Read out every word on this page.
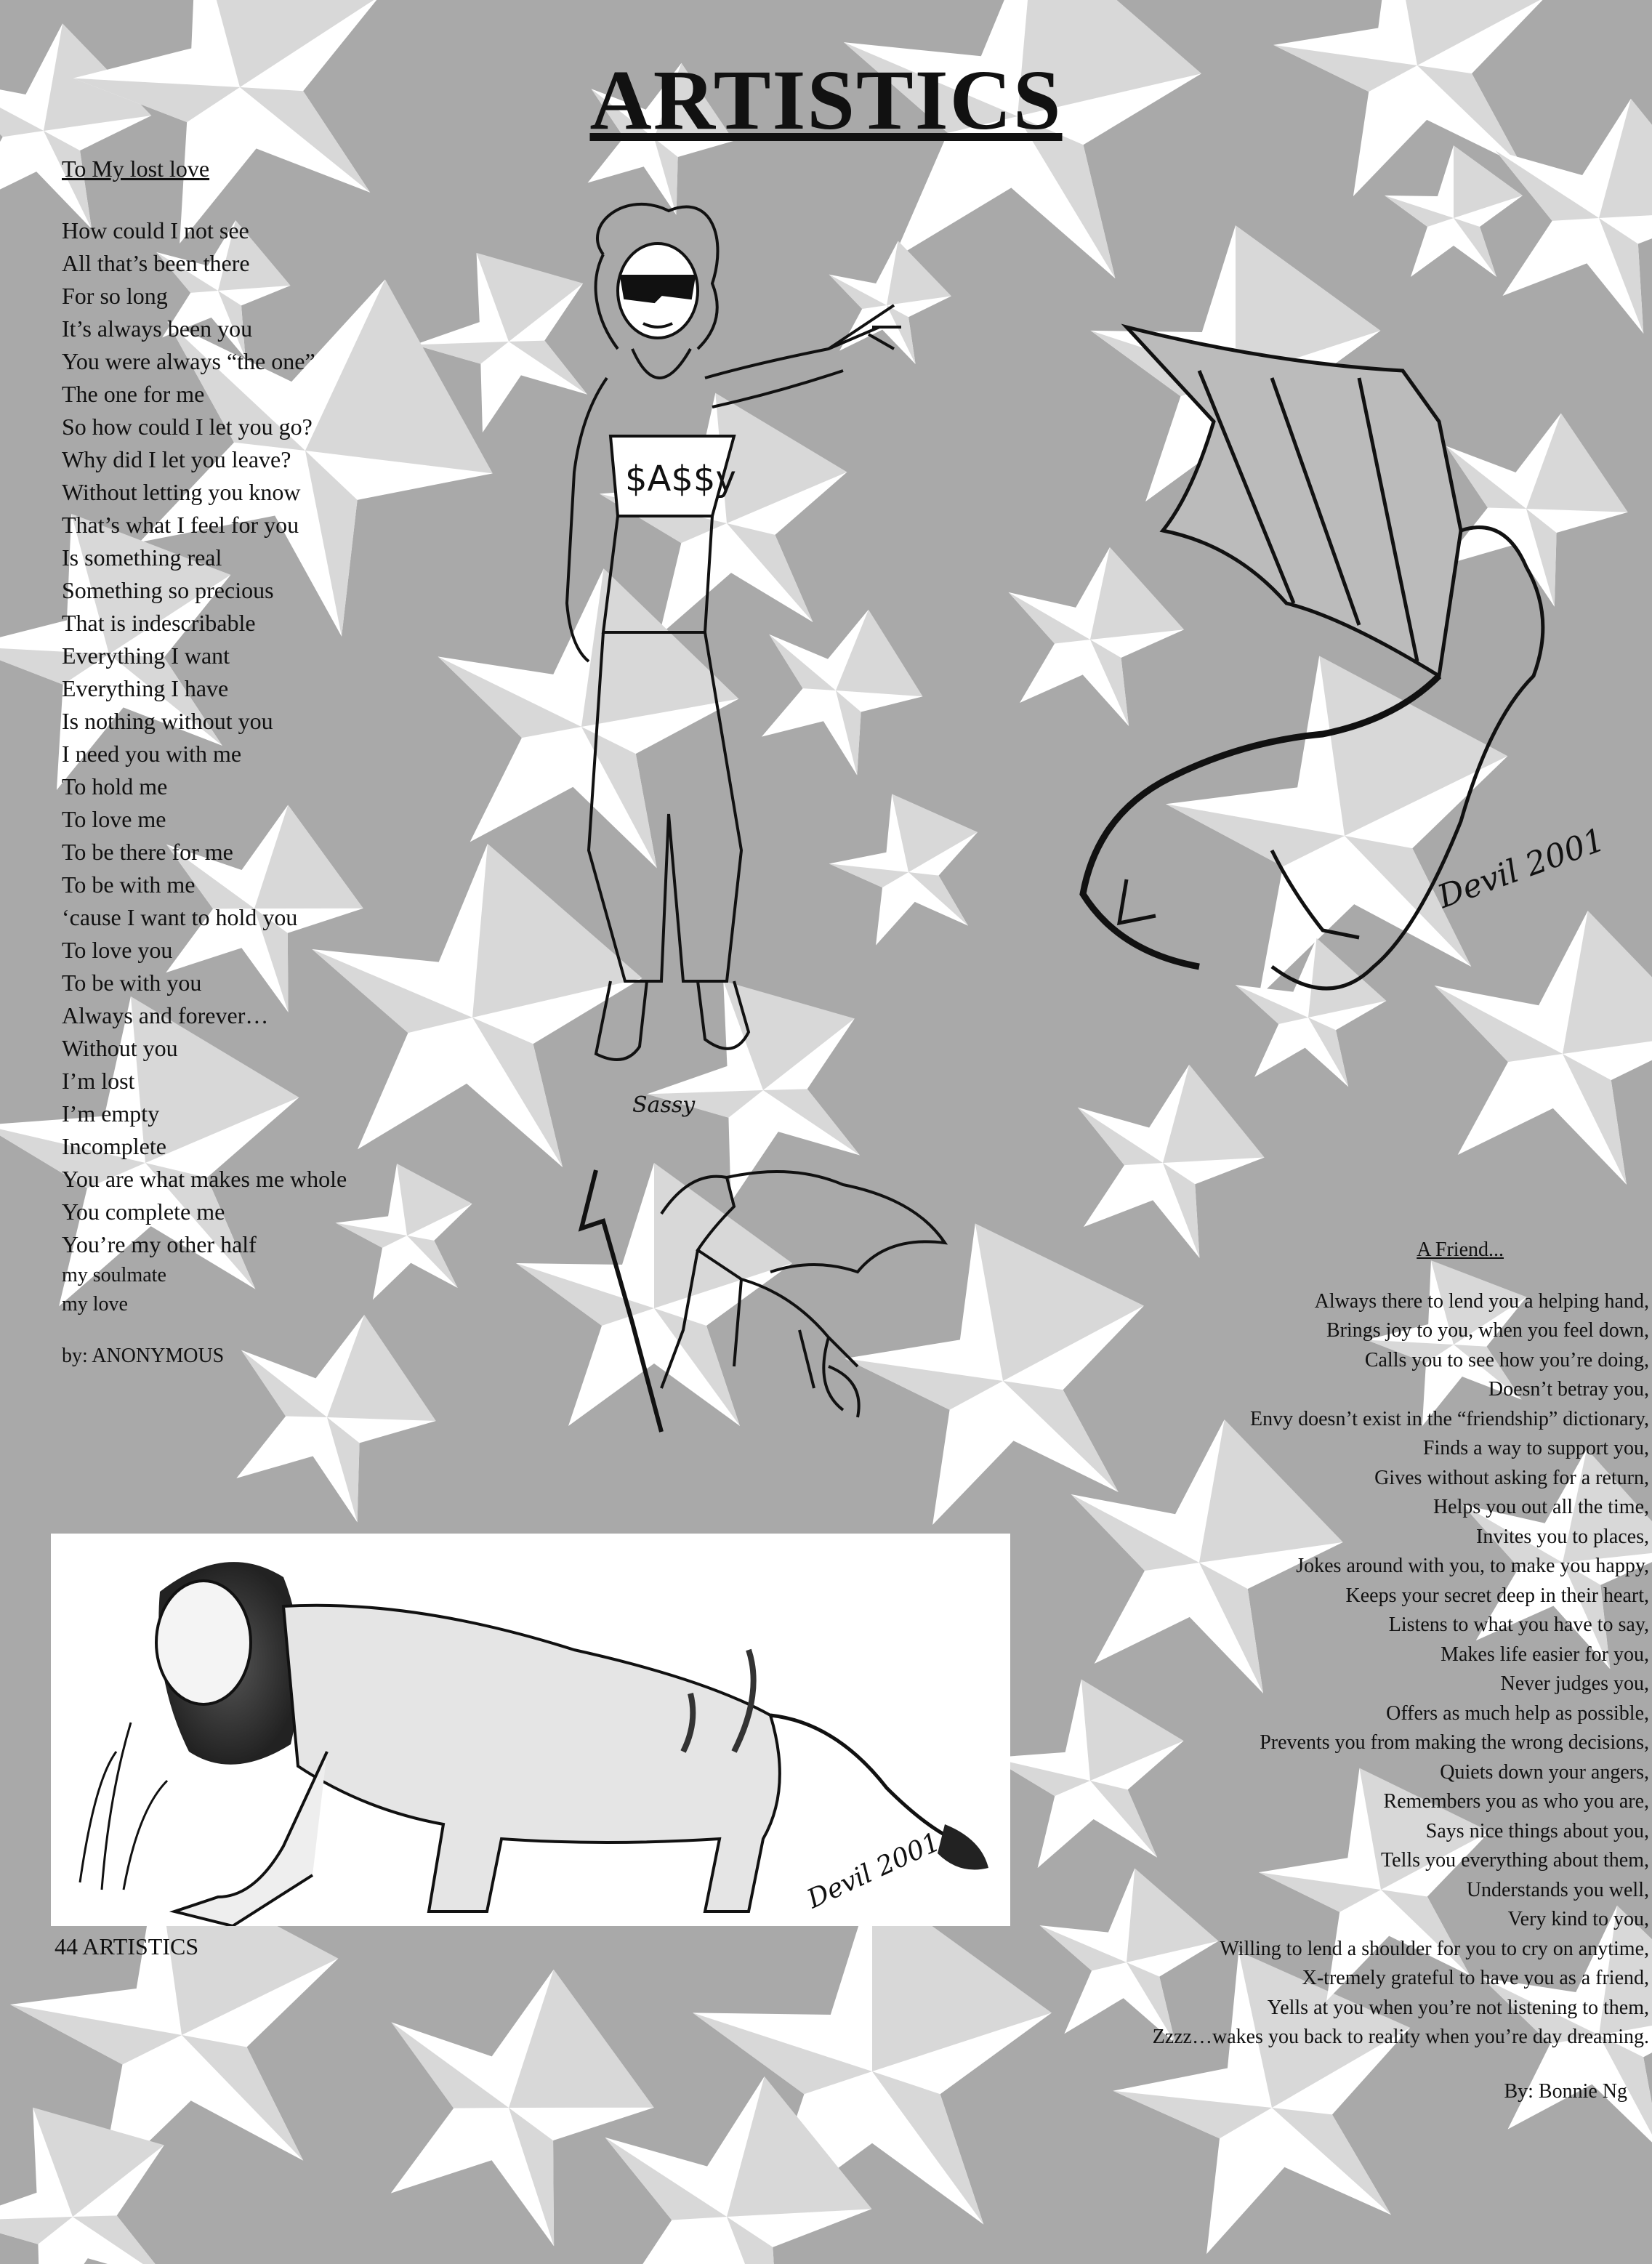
ARTISTICS
To My lost love
How could I not see
All that’s been there
For so long
It’s always been you
You were always “the one”
The one for me
So how could I let you go?
Why did I let you leave?
Without letting you know
That’s what I feel for you
Is something real
Something so precious
That is indescribable
Everything I want
Everything I have
Is nothing without you
I need you with me
To hold me
To love me
To be there for me
To be with me
‘cause I want to hold you
To love you
To be with you
Always and forever…
Without you
I’m lost
I’m empty
Incomplete
You are what makes me whole
You complete me
You’re my other half
my soulmate
my love
by: ANONYMOUS
$A$$y
Sassy
Devil 2001
Devil 2001
A Friend...
Always there to lend you a helping hand,
Brings joy to you, when you feel down,
Calls you to see how you’re doing,
Doesn’t betray you,
Envy doesn’t exist in the “friendship” dictionary,
Finds a way to support you,
Gives without asking for a return,
Helps you out all the time,
Invites you to places,
Jokes around with you, to make you happy,
Keeps your secret deep in their heart,
Listens to what you have to say,
Makes life easier for you,
Never judges you,
Offers as much help as possible,
Prevents you from making the wrong decisions,
Quiets down your angers,
Remembers you as who you are,
Says nice things about you,
Tells you everything about them,
Understands you well,
Very kind to you,
Willing to lend a shoulder for you to cry on anytime,
X-tremely grateful to have you as a friend,
Yells at you when you’re not listening to them,
Zzzz…wakes you back to reality when you’re day dreaming.
By: Bonnie Ng
44 ARTISTICS
